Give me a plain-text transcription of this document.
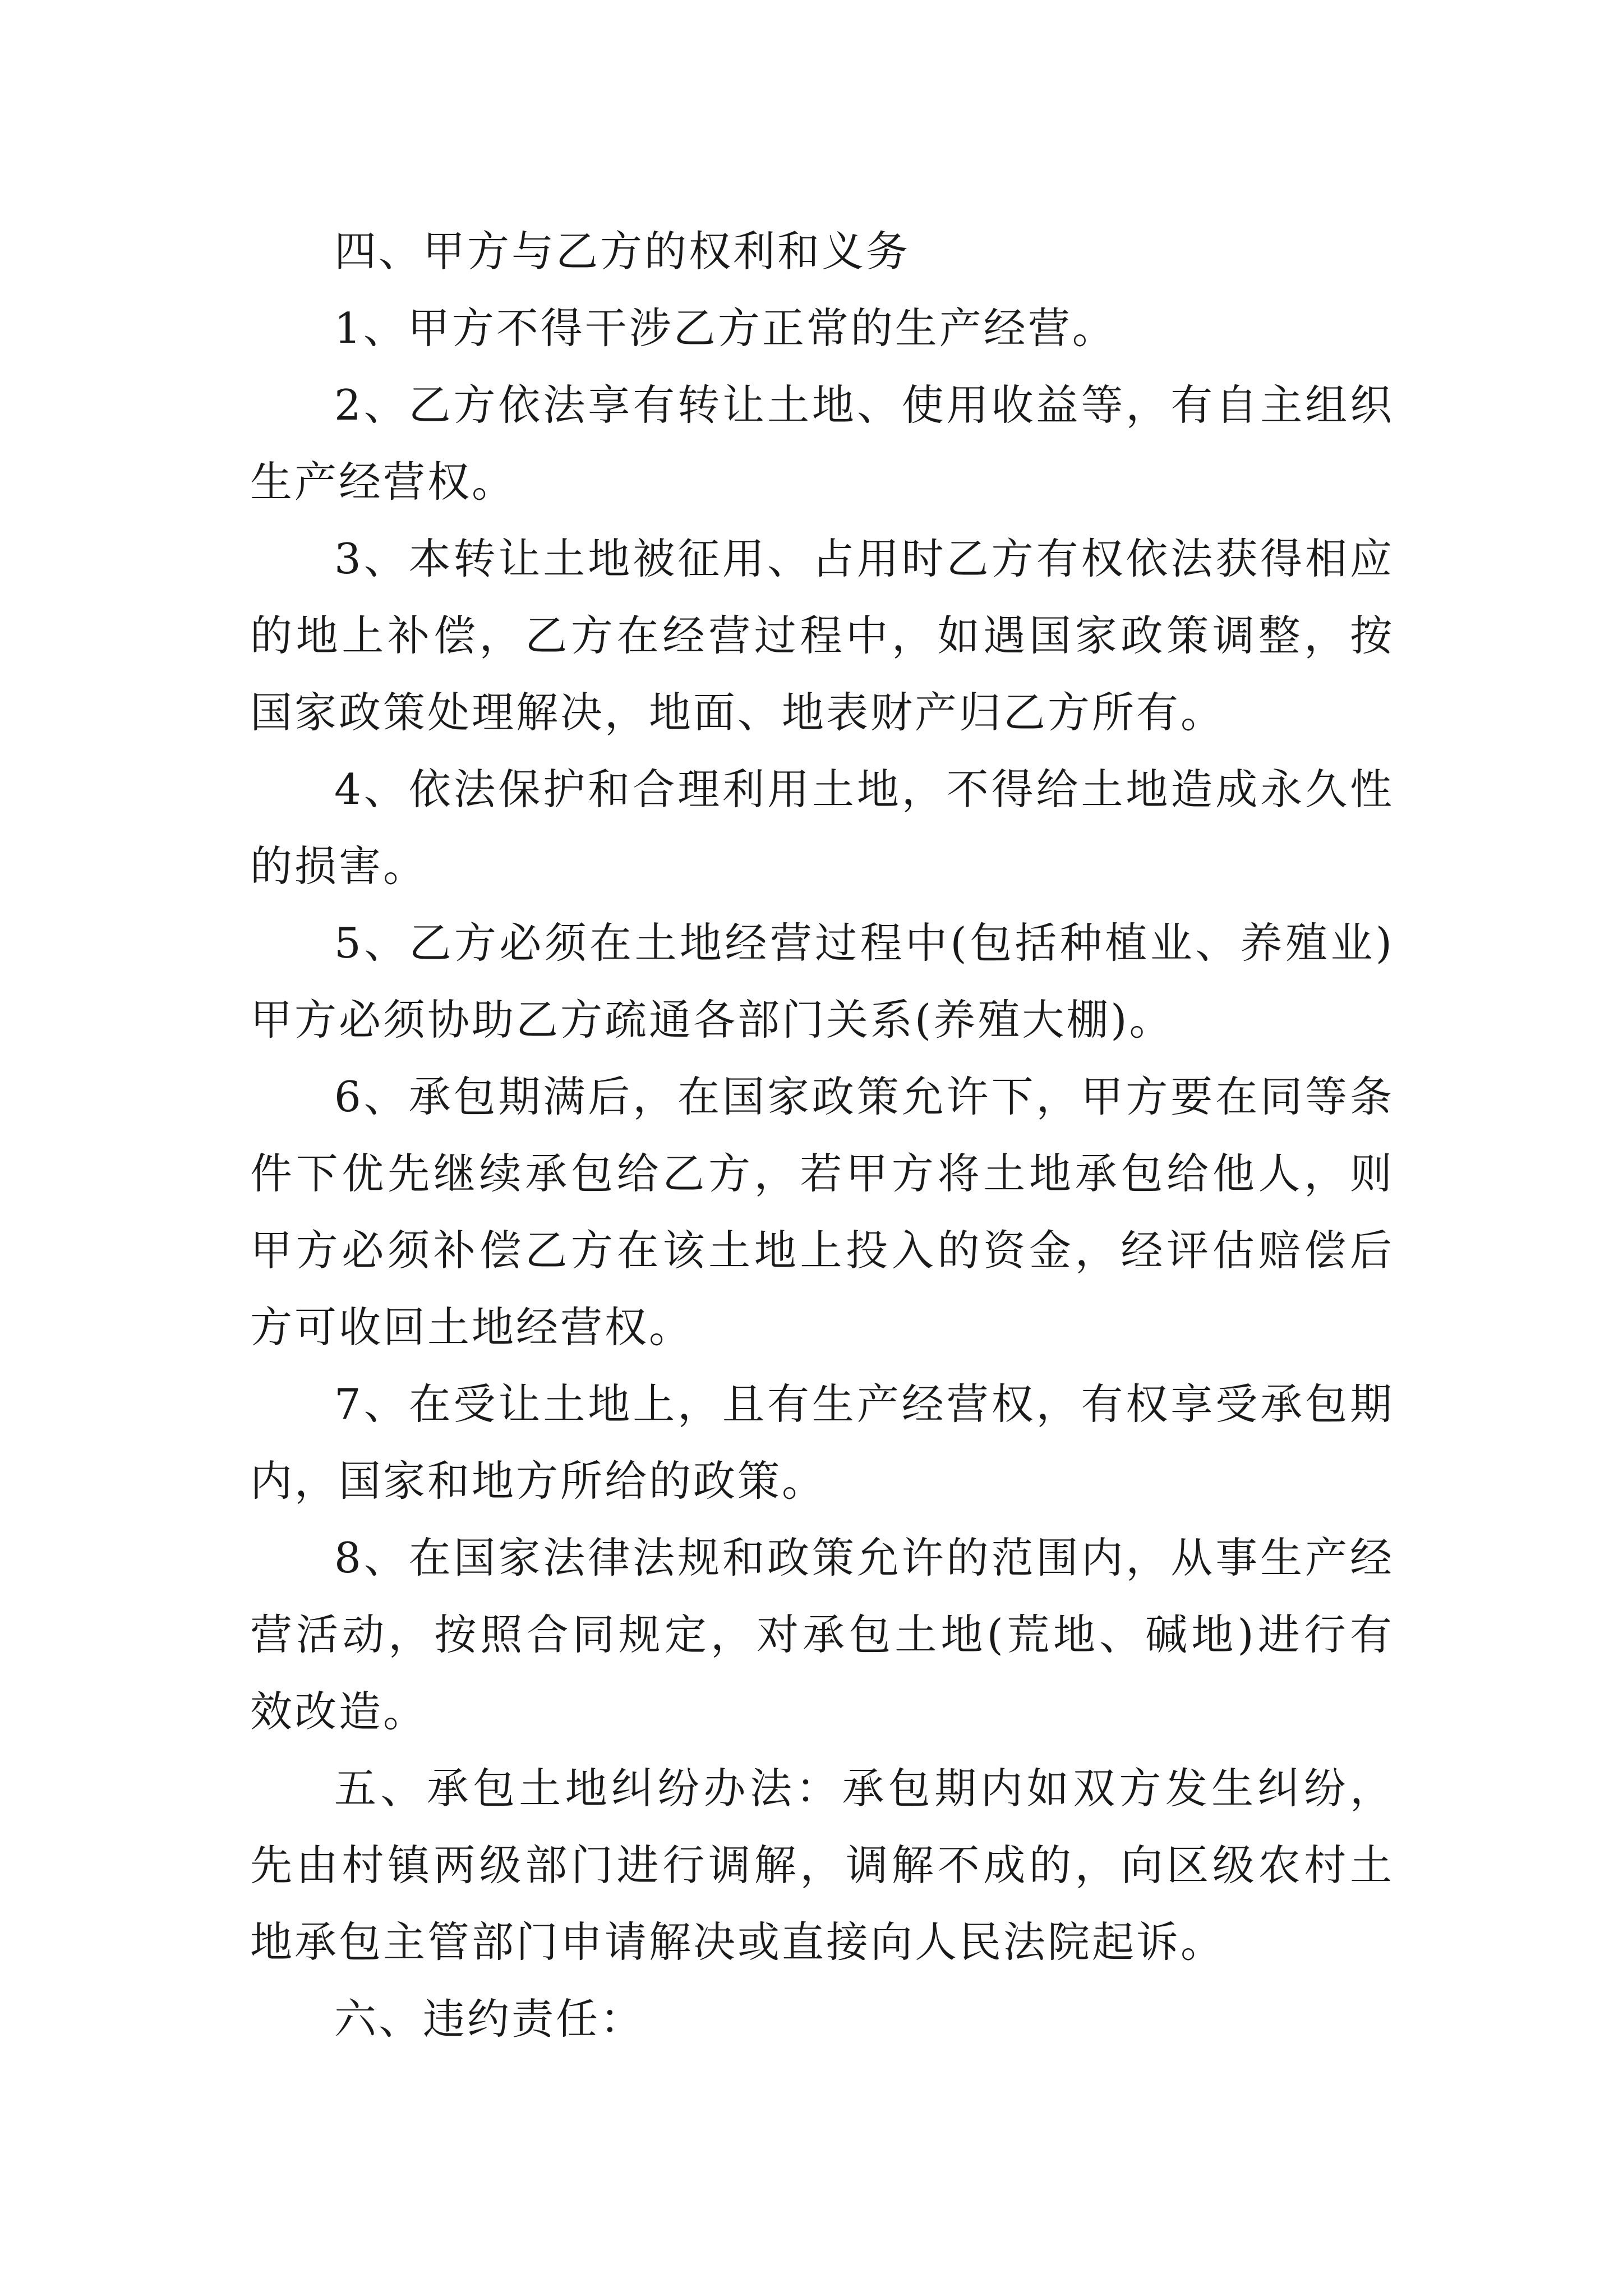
四、甲方与乙方的权利和义务

1、甲方不得干涉乙方正常的生产经营。

2、乙方依法享有转让土地、使用收益等，有自主组织生产经营权。

3、本转让土地被征用、占用时乙方有权依法获得相应的地上补偿，乙方在经营过程中，如遇国家政策调整，按国家政策处理解决，地面、地表财产归乙方所有。

4、依法保护和合理利用土地，不得给土地造成永久性的损害。

5、乙方必须在土地经营过程中(包括种植业、养殖业)甲方必须协助乙方疏通各部门关系(养殖大棚)。

6、承包期满后，在国家政策允许下，甲方要在同等条件下优先继续承包给乙方，若甲方将土地承包给他人，则甲方必须补偿乙方在该土地上投入的资金，经评估赔偿后方可收回土地经营权。

7、在受让土地上，且有生产经营权，有权享受承包期内，国家和地方所给的政策。

8、在国家法律法规和政策允许的范围内，从事生产经营活动，按照合同规定，对承包土地(荒地、碱地)进行有效改造。

五、承包土地纠纷办法：承包期内如双方发生纠纷，先由村镇两级部门进行调解，调解不成的，向区级农村土地承包主管部门申请解决或直接向人民法院起诉。

六、违约责任：
